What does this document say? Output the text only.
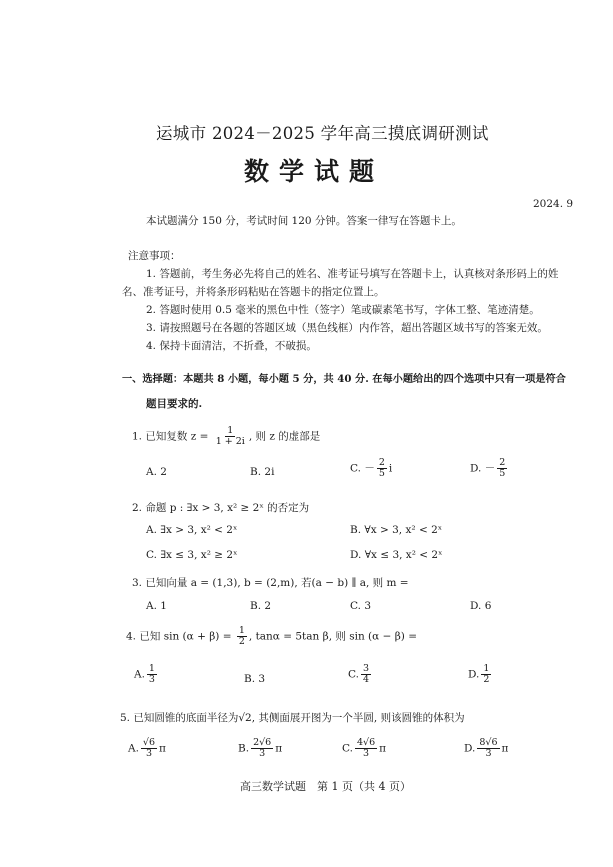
运城市 2024－2025 学年高三摸底调研测试
数学试题
2024. 9
本试题满分 150 分，考试时间 120 分钟。答案一律写在答题卡上。
注意事项：
1. 答题前，考生务必先将自己的姓名、准考证号填写在答题卡上，认真核对条形码上的姓
名、准考证号，并将条形码粘贴在答题卡的指定位置上。
2. 答题时使用 0.5 毫米的黑色中性（签字）笔或碳素笔书写，字体工整、笔迹清楚。
3. 请按照题号在各题的答题区域（黑色线框）内作答，超出答题区域书写的答案无效。
4. 保持卡面清洁，不折叠，不破损。
一、选择题：本题共 8 小题，每小题 5 分，共 40 分. 在每小题给出的四个选项中只有一项是符合
题目要求的.
1. 已知复数 $z = \frac{1}{1 + 2i}$ , 则 z 的虚部是
A. 2	B. 2i	C. － $\frac{2}{5}$ i	D. － $\frac{2}{5}$
2. 命题 p : ∃x > 3, x² ≥ 2ˣ 的否定为
A. ∃x > 3, x² < 2ˣ	B. ∀x > 3, x² < 2ˣ
C. ∃x ≤ 3, x² ≥ 2ˣ	D. ∀x ≤ 3, x² < 2ˣ
3. 已知向量 a = (1,3), b = (2,m), 若(a − b) ∥ a, 则 m =
A. 1	B. 2	C. 3	D. 6
4. 已知 $\sin (\alpha + \beta) = \frac{1}{2}$ , tanα = 5tan β, 则 sin (α − β) =
A. $\frac{1}{3}$	B. 3	C. $\frac{3}{4}$	D. $\frac{1}{2}$
5. 已知圆锥的底面半径为√2, 其侧面展开图为一个半圆, 则该圆锥的体积为
A. $\frac{√6}{3}$ π	B. $\frac{2√6}{3}$ π	C. $\frac{4√6}{3}$ π	D. $\frac{8√6}{3}$ π
高三数学试题　第 1 页（共 4 页）
